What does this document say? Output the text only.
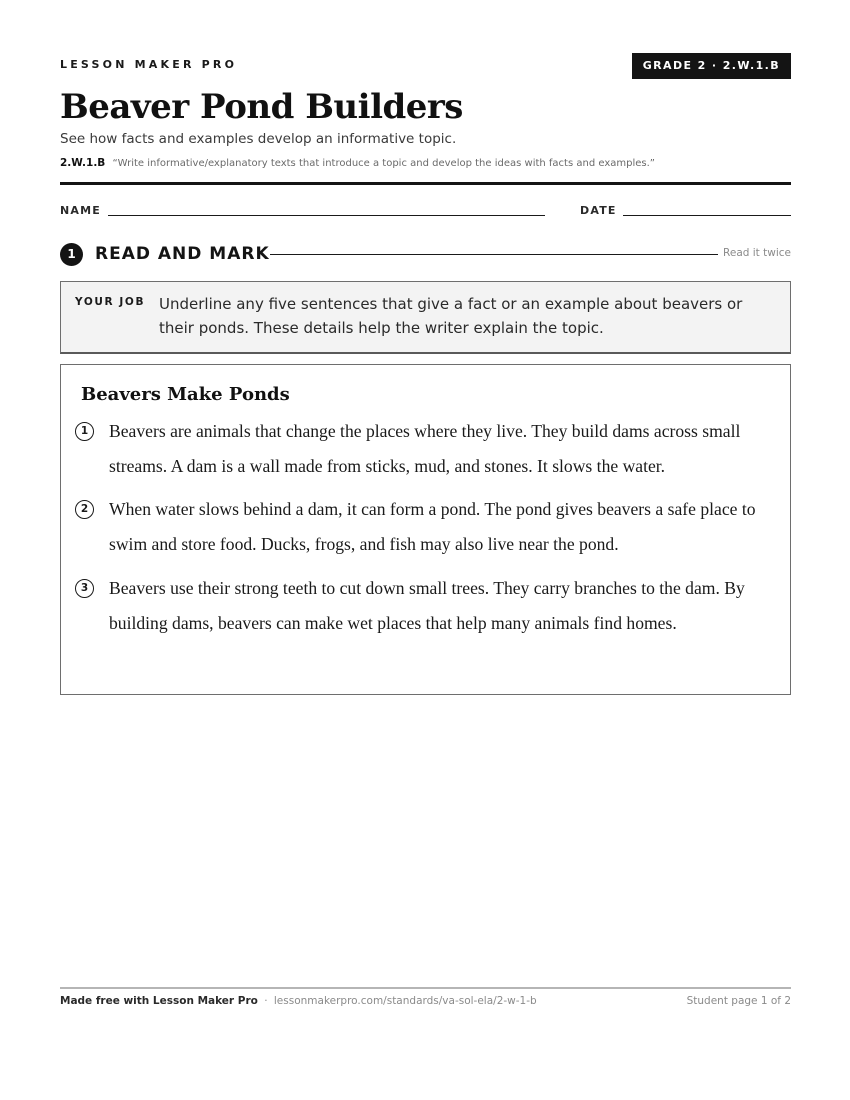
LESSON MAKER PRO	GRADE 2 · 2.W.1.B
Beaver Pond Builders
See how facts and examples develop an informative topic.
2.W.1.B “Write informative/explanatory texts that introduce a topic and develop the ideas with facts and examples.”
NAME	DATE
1	READ AND MARK	Read it twice
YOUR JOB Underline any five sentences that give a fact or an example about beavers or their ponds. These details help the writer explain the topic.
Beavers Make Ponds
1	Beavers are animals that change the places where they live. They build dams across small streams. A dam is a wall made from sticks, mud, and stones. It slows the water.
2	When water slows behind a dam, it can form a pond. The pond gives beavers a safe place to swim and store food. Ducks, frogs, and fish may also live near the pond.
3	Beavers use their strong teeth to cut down small trees. They carry branches to the dam. By building dams, beavers can make wet places that help many animals find homes.
Made free with Lesson Maker Pro · lessonmakerpro.com/standards/va-sol-ela/2-w-1-b	Student page 1 of 2
